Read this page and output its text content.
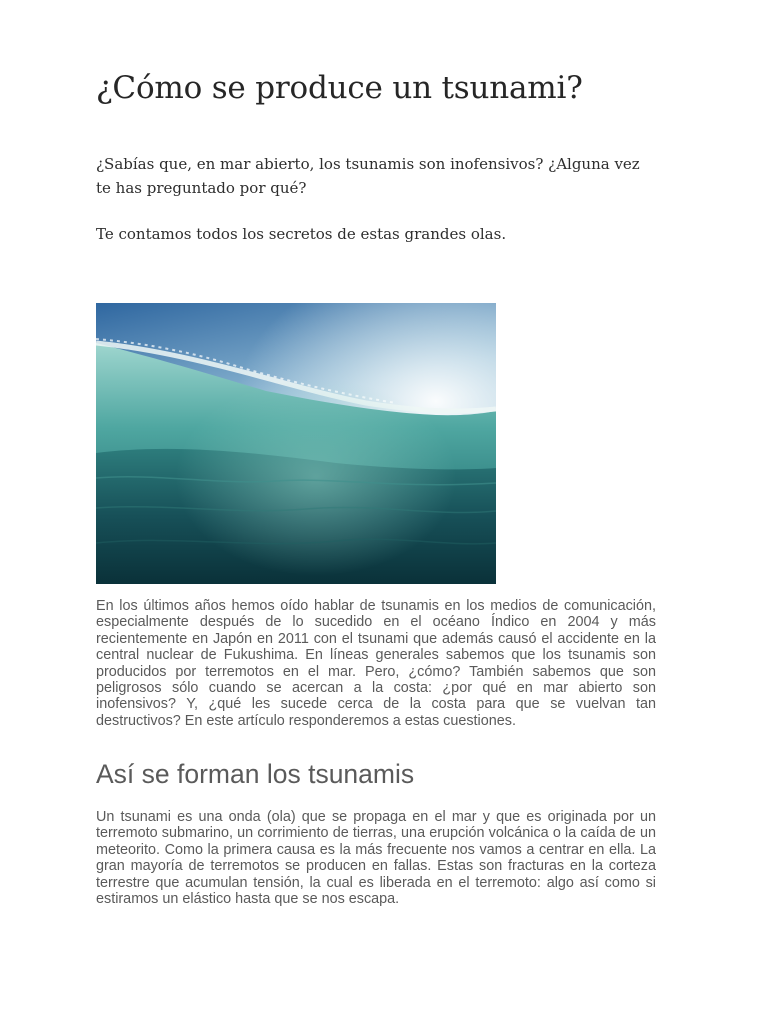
¿Cómo se produce un tsunami?

¿Sabías que, en mar abierto, los tsunamis son inofensivos? ¿Alguna vez te has preguntado por qué?

Te contamos todos los secretos de estas grandes olas.

En los últimos años hemos oído hablar de tsunamis en los medios de comunicación, especialmente después de lo sucedido en el océano Índico en 2004 y más recientemente en Japón en 2011 con el tsunami que además causó el accidente en la central nuclear de Fukushima. En líneas generales sabemos que los tsunamis son producidos por terremotos en el mar. Pero, ¿cómo? También sabemos que son peligrosos sólo cuando se acercan a la costa: ¿por qué en mar abierto son inofensivos? Y, ¿qué les sucede cerca de la costa para que se vuelvan tan destructivos? En este artículo responderemos a estas cuestiones.

Así se forman los tsunamis

Un tsunami es una onda (ola) que se propaga en el mar y que es originada por un terremoto submarino, un corrimiento de tierras, una erupción volcánica o la caída de un meteorito. Como la primera causa es la más frecuente nos vamos a centrar en ella. La gran mayoría de terremotos se producen en fallas. Estas son fracturas en la corteza terrestre que acumulan tensión, la cual es liberada en el terremoto: algo así como si estiramos un elástico hasta que se nos escapa.
